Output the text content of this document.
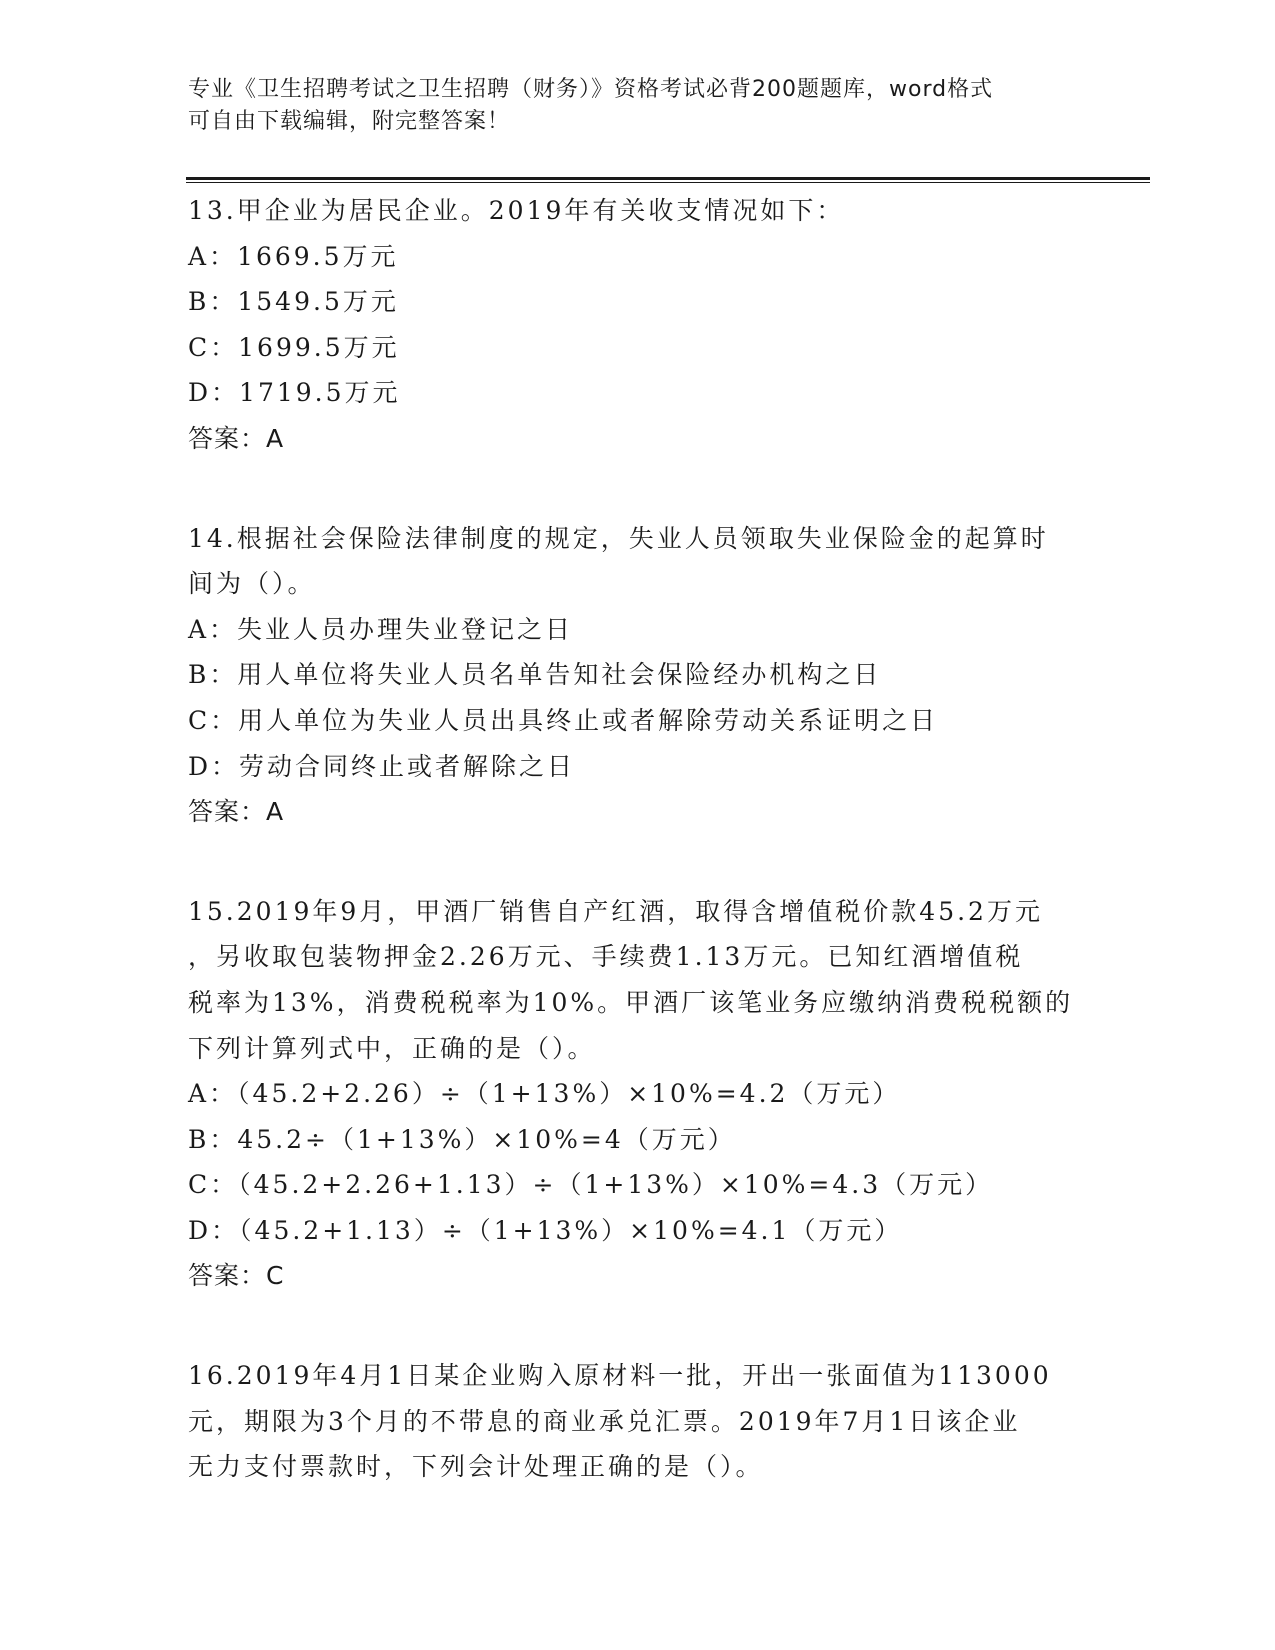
专业《卫生招聘考试之卫生招聘（财务）》资格考试必背200题题库，word格式
可自由下载编辑，附完整答案！
13.甲企业为居民企业。2019年有关收支情况如下：
A：1669.5万元
B：1549.5万元
C：1699.5万元
D：1719.5万元
答案：A
14.根据社会保险法律制度的规定，失业人员领取失业保险金的起算时
间为（）。
A：失业人员办理失业登记之日
B：用人单位将失业人员名单告知社会保险经办机构之日
C：用人单位为失业人员出具终止或者解除劳动关系证明之日
D：劳动合同终止或者解除之日
答案：A
15.2019年9月，甲酒厂销售自产红酒，取得含增值税价款45.2万元
，另收取包装物押金2.26万元、手续费1.13万元。已知红酒增值税
税率为13%，消费税税率为10%。甲酒厂该笔业务应缴纳消费税税额的
下列计算列式中，正确的是（）。
A：（45.2+2.26）÷（1+13%）×10%=4.2（万元）
B：45.2÷（1+13%）×10%=4（万元）
C：（45.2+2.26+1.13）÷（1+13%）×10%=4.3（万元）
D：（45.2+1.13）÷（1+13%）×10%=4.1（万元）
答案：C
16.2019年4月1日某企业购入原材料一批，开出一张面值为113000
元，期限为3个月的不带息的商业承兑汇票。2019年7月1日该企业
无力支付票款时，下列会计处理正确的是（）。
